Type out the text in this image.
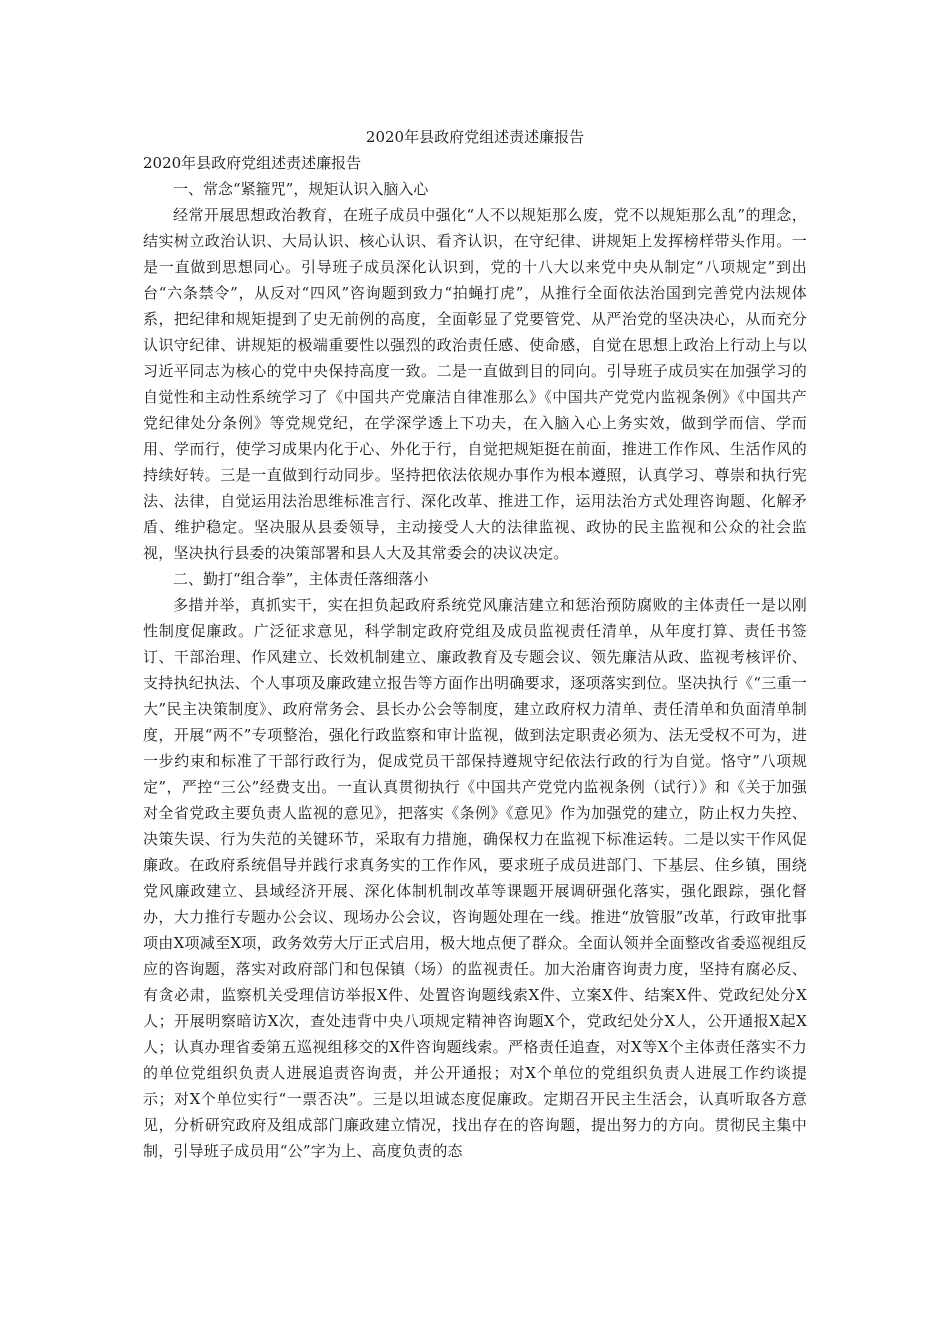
2020年县政府党组述责述廉报告

2020年县政府党组述责述廉报告

一、常念“紧箍咒”，规矩认识入脑入心

经常开展思想政治教育，在班子成员中强化“人不以规矩那么废，党不以规矩那么乱”的理念，结实树立政治认识、大局认识、核心认识、看齐认识，在守纪律、讲规矩上发挥榜样带头作用。一是一直做到思想同心。引导班子成员深化认识到，党的十八大以来党中央从制定“八项规定”到出台“六条禁令”，从反对“四风”咨询题到致力“拍蝇打虎”，从推行全面依法治国到完善党内法规体系，把纪律和规矩提到了史无前例的高度，全面彰显了党要管党、从严治党的坚决决心，从而充分认识守纪律、讲规矩的极端重要性以强烈的政治责任感、使命感，自觉在思想上政治上行动上与以习近平同志为核心的党中央保持高度一致。二是一直做到目的同向。引导班子成员实在加强学习的自觉性和主动性系统学习了《中国共产党廉洁自律准那么》《中国共产党党内监视条例》《中国共产党纪律处分条例》等党规党纪，在学深学透上下功夫，在入脑入心上务实效，做到学而信、学而用、学而行，使学习成果内化于心、外化于行，自觉把规矩挺在前面，推进工作作风、生活作风的持续好转。三是一直做到行动同步。坚持把依法依规办事作为根本遵照，认真学习、尊崇和执行宪法、法律，自觉运用法治思维标准言行、深化改革、推进工作，运用法治方式处理咨询题、化解矛盾、维护稳定。坚决服从县委领导，主动接受人大的法律监视、政协的民主监视和公众的社会监视，坚决执行县委的决策部署和县人大及其常委会的决议决定。

二、勤打“组合拳”，主体责任落细落小

多措并举，真抓实干，实在担负起政府系统党风廉洁建立和惩治预防腐败的主体责任一是以刚性制度促廉政。广泛征求意见，科学制定政府党组及成员监视责任清单，从年度打算、责任书签订、干部治理、作风建立、长效机制建立、廉政教育及专题会议、领先廉洁从政、监视考核评价、支持执纪执法、个人事项及廉政建立报告等方面作出明确要求，逐项落实到位。坚决执行《“三重一大”民主决策制度》、政府常务会、县长办公会等制度，建立政府权力清单、责任清单和负面清单制度，开展“两不”专项整治，强化行政监察和审计监视，做到法定职责必须为、法无受权不可为，进一步约束和标准了干部行政行为，促成党员干部保持遵规守纪依法行政的行为自觉。恪守”八项规定”，严控“三公”经费支出。一直认真贯彻执行《中国共产党党内监视条例（试行）》和《关于加强对全省党政主要负责人监视的意见》，把落实《条例》《意见》作为加强党的建立，防止权力失控、决策失误、行为失范的关键环节，采取有力措施，确保权力在监视下标准运转。二是以实干作风促廉政。在政府系统倡导并践行求真务实的工作作风，要求班子成员进部门、下基层、住乡镇，围绕党风廉政建立、县域经济开展、深化体制机制改革等课题开展调研强化落实，强化跟踪，强化督办，大力推行专题办公会议、现场办公会议，咨询题处理在一线。推进“放管服”改革，行政审批事项由X项减至X项，政务效劳大厅正式启用，极大地点便了群众。全面认领并全面整改省委巡视组反应的咨询题，落实对政府部门和包保镇（场）的监视责任。加大治庸咨询责力度，坚持有腐必反、有贪必肃，监察机关受理信访举报X件、处置咨询题线索X件、立案X件、结案X件、党政纪处分X人；开展明察暗访X次，查处违背中央八项规定精神咨询题X个，党政纪处分X人，公开通报X起X人；认真办理省委第五巡视组移交的X件咨询题线索。严格责任追查，对X等X个主体责任落实不力的单位党组织负责人进展追责咨询责，并公开通报；对X个单位的党组织负责人进展工作约谈提示；对X个单位实行“一票否决”。三是以坦诚态度促廉政。定期召开民主生活会，认真听取各方意见，分析研究政府及组成部门廉政建立情况，找出存在的咨询题，提出努力的方向。贯彻民主集中制，引导班子成员用“公”字为上、高度负责的态
